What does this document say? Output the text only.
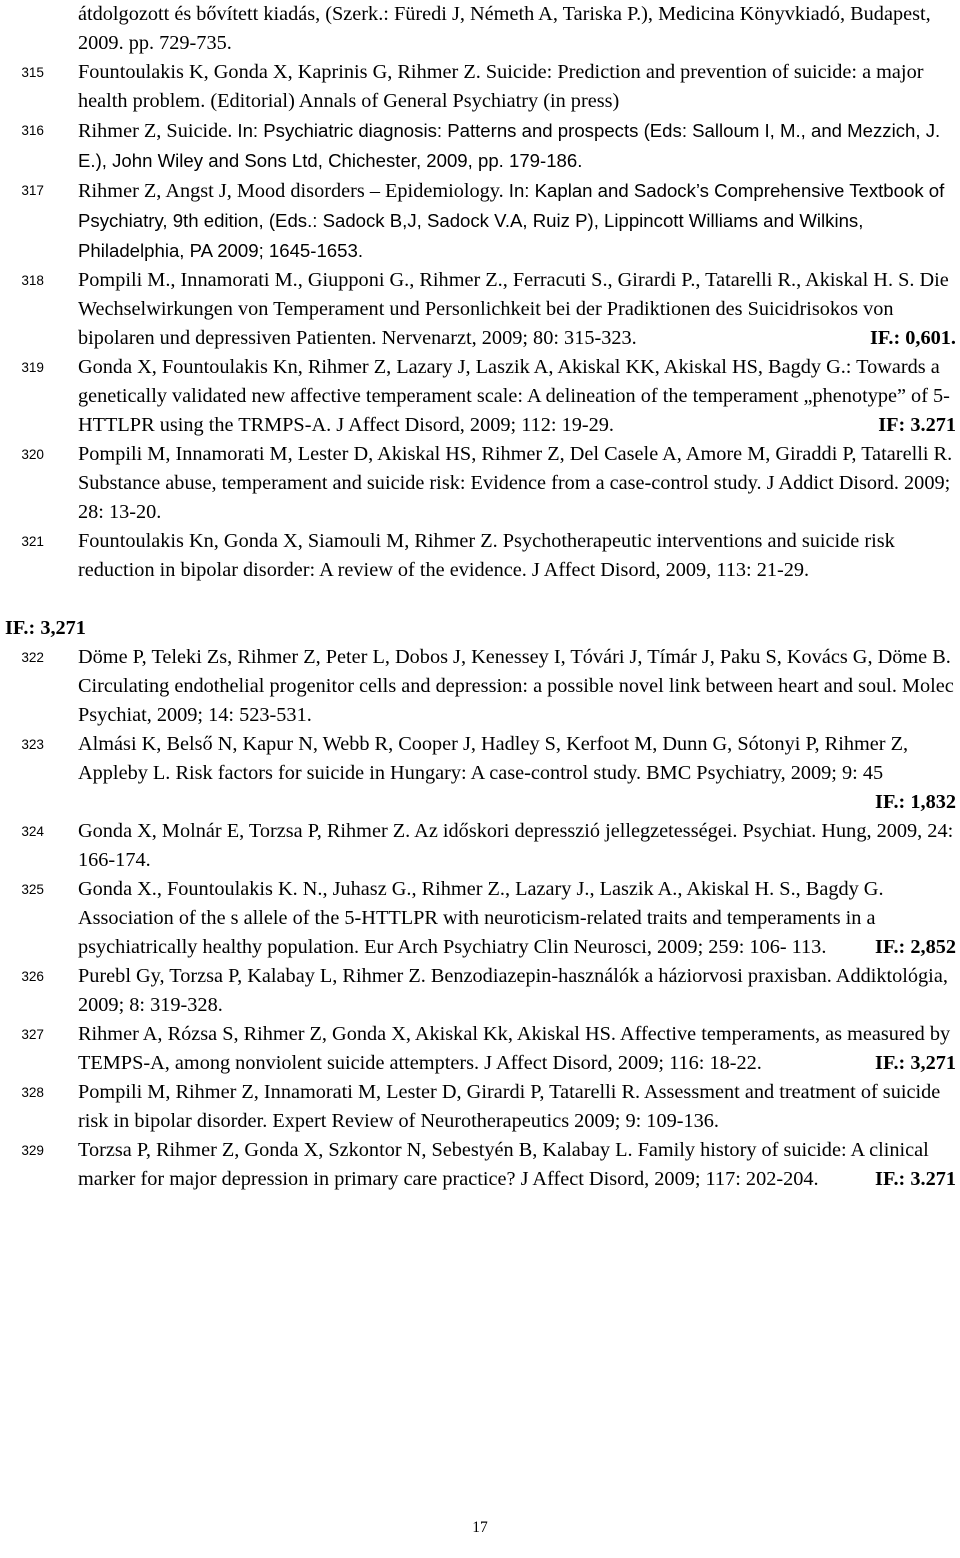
átdolgozott és bővített kiadás, (Szerk.: Füredi J, Németh A, Tariska P.), Medicina Könyvkiadó, Budapest, 2009. pp. 729-735.
315 Fountoulakis K, Gonda X, Kaprinis G, Rihmer Z. Suicide: Prediction and prevention of suicide: a major health problem. (Editorial) Annals of General Psychiatry (in press)
316 Rihmer Z, Suicide. In: Psychiatric diagnosis: Patterns and prospects (Eds: Salloum I, M., and Mezzich, J. E.), John Wiley and Sons Ltd, Chichester, 2009, pp. 179-186.
317 Rihmer Z, Angst J, Mood disorders – Epidemiology. In: Kaplan and Sadock’s Comprehensive Textbook of Psychiatry, 9th edition, (Eds.: Sadock B,J, Sadock V.A, Ruiz P), Lippincott Williams and Wilkins, Philadelphia, PA 2009; 1645-1653.
318 Pompili M., Innamorati M., Giupponi G., Rihmer Z., Ferracuti S., Girardi P., Tatarelli R., Akiskal H. S. Die Wechselwirkungen von Temperament und Personlichkeit bei der Pradiktionen des Suicidrisokos von bipolaren und depressiven Patienten. Nervenarzt, 2009; 80: 315-323.	IF.: 0,601.
319 Gonda X, Fountoulakis Kn, Rihmer Z, Lazary J, Laszik A, Akiskal KK, Akiskal HS, Bagdy G.: Towards a genetically validated new affective temperament scale: A delineation of the temperament „phenotype” of 5-HTTLPR using the TRMPS-A. J Affect Disord, 2009; 112: 19-29.	IF: 3.271
320 Pompili M, Innamorati M, Lester D, Akiskal HS, Rihmer Z, Del Casele A, Amore M, Giraddi P, Tatarelli R. Substance abuse, temperament and suicide risk: Evidence from a case-control study. J Addict Disord. 2009; 28: 13-20.
321 Fountoulakis Kn, Gonda X, Siamouli M, Rihmer Z. Psychotherapeutic interventions and suicide risk reduction in bipolar disorder: A review of the evidence. J Affect Disord, 2009, 113: 21-29.
IF.: 3,271
322 Döme P, Teleki Zs, Rihmer Z, Peter L, Dobos J, Kenessey I, Tóvári J, Tímár J, Paku S, Kovács G, Döme B. Circulating endothelial progenitor cells and depression: a possible novel link between heart and soul. Molec Psychiat, 2009; 14: 523-531.
323 Almási K, Belső N, Kapur N, Webb R, Cooper J, Hadley S, Kerfoot M, Dunn G, Sótonyi P, Rihmer Z, Appleby L. Risk factors for suicide in Hungary: A case-control study. BMC Psychiatry, 2009; 9: 45
IF.: 1,832
324 Gonda X, Molnár E, Torzsa P, Rihmer Z. Az időskori depresszió jellegzetességei. Psychiat. Hung, 2009, 24: 166-174.
325 Gonda X., Fountoulakis K. N., Juhasz G., Rihmer Z., Lazary J., Laszik A., Akiskal H. S., Bagdy G. Association of the s allele of the 5-HTTLPR with neuroticism-related traits and temperaments in a psychiatrically healthy population. Eur Arch Psychiatry Clin Neurosci, 2009; 259: 106- 113. IF.: 2,852
326 Purebl Gy, Torzsa P, Kalabay L, Rihmer Z. Benzodiazepin-használók a háziorvosi praxisban. Addiktológia, 2009; 8: 319-328.
327 Rihmer A, Rózsa S, Rihmer Z, Gonda X, Akiskal Kk, Akiskal HS. Affective temperaments, as measured by TEMPS-A, among nonviolent suicide attempters. J Affect Disord, 2009; 116: 18-22.	IF.: 3,271
328 Pompili M, Rihmer Z, Innamorati M, Lester D, Girardi P, Tatarelli R. Assessment and treatment of suicide risk in bipolar disorder. Expert Review of Neurotherapeutics 2009; 9: 109-136.
329 Torzsa P, Rihmer Z, Gonda X, Szkontor N, Sebestyén B, Kalabay L. Family history of suicide: A clinical marker for major depression in primary care practice? J Affect Disord, 2009; 117: 202-204.	IF.: 3.271
17
